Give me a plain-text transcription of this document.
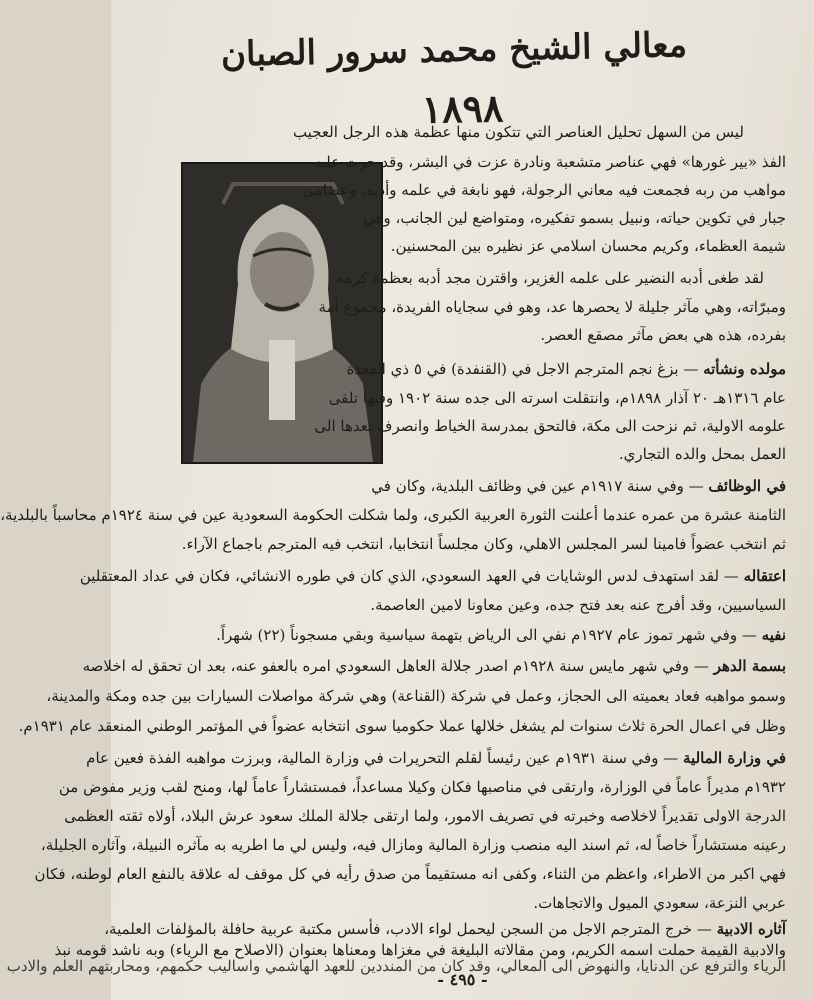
معالي الشيخ محمد سرور الصبان
١٨٩٨
ليس من السهل تحليل العناصر التي تتكون منها عظمة هذه الرجل العجيب
الفذ «بير غورها» فهي عناصر متشعبة ونادرة عزت في البشر، وقد جرت عليه
مواهب من ربه فجمعت فيه معاني الرجولة، فهو نابغة في علمه وأدبه، وعصامي
جبار في تكوين حياته، ونبيل بسمو تفكيره، ومتواضع لين الجانب، وهي
شيمة العظماء، وكريم محسان اسلامي عز نظيره بين المحسنين.
لقد طغى أدبه النضير على علمه الغزير، واقترن مجد أدبه بعظمة كرمه
ومبرّاته، وهي مآثر جليلة لا يحصرها عد، وهو في سجاياه الفريدة، مجموع أمة
بفرده، هذه هي بعض مآثر مصقع العصر.
مولده ونشأته — بزغ نجم المترجم الاجل في (القنفدة) في ٥ ذي القعدة
عام ١٣١٦هـ ٢٠ آذار ١٨٩٨م، وانتقلت اسرته الى جده سنة ١٩٠٢ وفيها تلقى
علومه الاولية، ثم نزحت الى مكة، فالتحق بمدرسة الخياط وانصرف بعدها الى
العمل بمحل والده التجاري.
في الوظائف — وفي سنة ١٩١٧م عين في وظائف البلدية، وكان في
الثامنة عشرة من عمره عندما أعلنت الثورة العربية الكبرى، ولما شكلت الحكومة السعودية عين في سنة ١٩٢٤م محاسباً بالبلدية،
ثم انتخب عضواً فامينا لسر المجلس الاهلي، وكان مجلساً انتخابيا، انتخب فيه المترجم باجماع الآراء.
اعتقاله — لقد استهدف لدس الوشايات في العهد السعودي، الذي كان في طوره الانشائي، فكان في عداد المعتقلين
السياسيين، وقد أفرج عنه بعد فتح جده، وعين معاونا لامين العاصمة.
نفيه — وفي شهر تموز عام ١٩٢٧م نفي الى الرياض بتهمة سياسية وبقي مسجوناً (٢٢) شهراً.
بسمة الدهر — وفي شهر مايس سنة ١٩٢٨م اصدر جلالة العاهل السعودي امره بالعفو عنه، بعد ان تحقق له اخلاصه
وسمو مواهبه فعاد بعميته الى الحجاز، وعمل في شركة (القناعة) وهي شركة مواصلات السيارات بين جده ومكة والمدينة،
وظل في اعمال الحرة ثلاث سنوات لم يشغل خلالها عملا حكوميا سوى انتخابه عضواً في المؤتمر الوطني المنعقد عام ١٩٣١م.
في وزارة المالية — وفي سنة ١٩٣١م عين رئيساً لقلم التحريرات في وزارة المالية، وبرزت مواهبه الفذة فعين عام
١٩٣٢م مديراً عاماً في الوزارة، وارتقى في مناصبها فكان وكيلا مساعداً، فمستشاراً عاماً لها، ومنح لقب وزير مفوض من
الدرجة الاولى تقديراً لاخلاصه وخبرته في تصريف الامور، ولما ارتقى جلالة الملك سعود عرش البلاد، أولاه ثقته العظمى
رعينه مستشاراً خاصاً له، ثم اسند اليه منصب وزارة المالية ومازال فيه، وليس لي ما اطريه به مآثره النبيلة، وآثاره الجليلة،
فهي اكبر من الاطراء، واعظم من الثناء، وكفى انه مستقيماً من صدق رأيه في كل موقف له علاقة بالنفع العام لوطنه، فكان
عربي النزعة، سعودي الميول والاتجاهات.
آثاره الادبية — خرج المترجم الاجل من السجن ليحمل لواء الادب، فأسس مكتبة عربية حافلة بالمؤلفات العلمية،
والادبية القيمة حملت اسمه الكريم، ومن مقالاته البليغة في مغزاها ومعناها بعنوان (الاصلاح مع الرياء) وبه ناشد قومه نبذ
الرياء والترفع عن الدنايا، والنهوض الى المعالي، وقد كان من المنددين للعهد الهاشمي واساليب حكمهم، ومحاربتهم العلم والادب
- ٤٩٥ -
